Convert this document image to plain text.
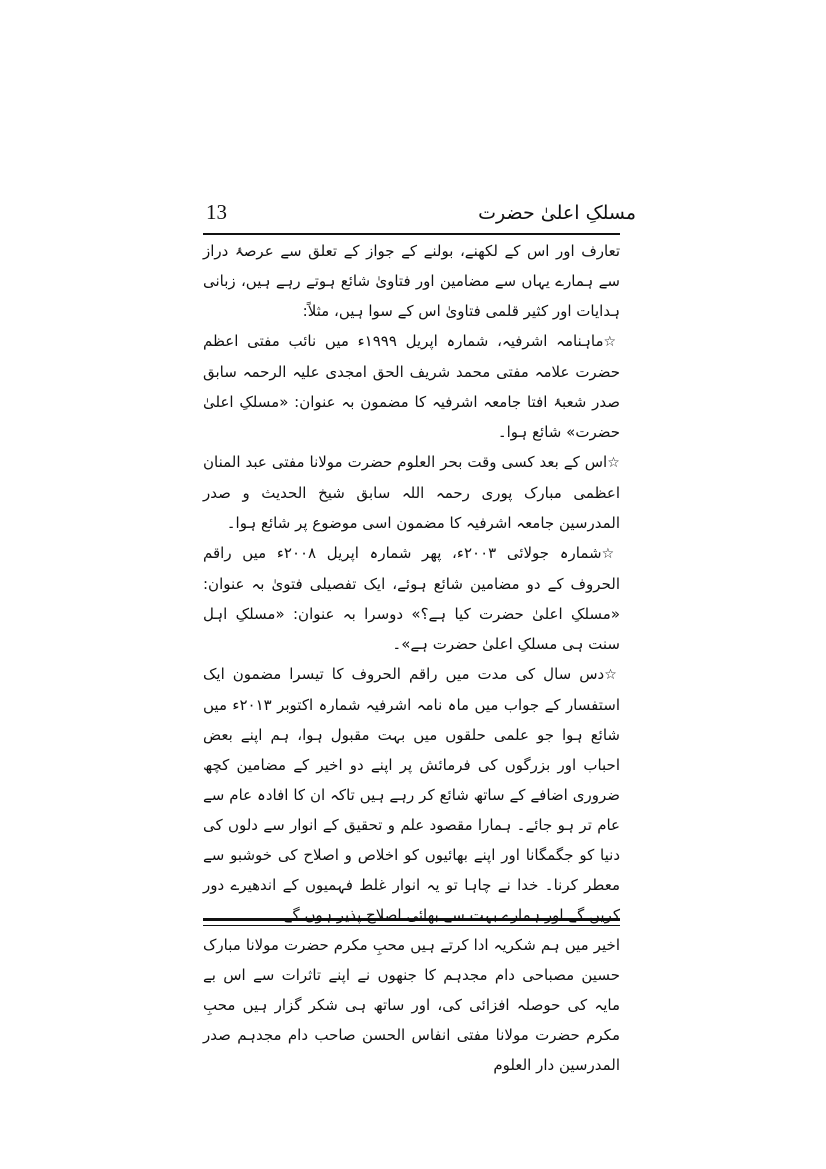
13	مسلکِ اعلیٰ حضرت

تعارف اور اس کے لکھنے، بولنے کے جواز کے تعلق سے عرصۂ دراز سے ہمارے یہاں سے مضامین اور فتاویٰ شائع ہوتے رہے ہیں، زبانی ہدایات اور کثیر قلمی فتاویٰ اس کے سوا ہیں، مثلاً:

☆ماہنامہ اشرفیہ، شمارہ اپریل ۱۹۹۹ء میں نائب مفتی اعظم حضرت علامہ مفتی محمد شریف الحق امجدی علیہ الرحمہ سابق صدر شعبۂ افتا جامعہ اشرفیہ کا مضمون بہ عنوان: «مسلکِ اعلیٰ حضرت» شائع ہوا۔

☆اس کے بعد کسی وقت بحر العلوم حضرت مولانا مفتی عبد المنان اعظمی مبارک پوری رحمہ اللہ سابق شیخ الحدیث و صدر المدرسین جامعہ اشرفیہ کا مضمون اسی موضوع پر شائع ہوا۔

☆شمارہ جولائی ۲۰۰۳ء، پھر شمارہ اپریل ۲۰۰۸ء میں راقم الحروف کے دو مضامین شائع ہوئے، ایک تفصیلی فتویٰ بہ عنوان: «مسلکِ اعلیٰ حضرت کیا ہے؟» دوسرا بہ عنوان: «مسلکِ اہل سنت ہی مسلکِ اعلیٰ حضرت ہے»۔

☆دس سال کی مدت میں راقم الحروف کا تیسرا مضمون ایک استفسار کے جواب میں ماہ نامہ اشرفیہ شمارہ اکتوبر ۲۰۱۳ء میں شائع ہوا جو علمی حلقوں میں بہت مقبول ہوا، ہم اپنے بعض احباب اور بزرگوں کی فرمائش پر اپنے دو اخیر کے مضامین کچھ ضروری اضافے کے ساتھ شائع کر رہے ہیں تاکہ ان کا افادہ عام سے عام تر ہو جائے۔ ہمارا مقصود علم و تحقیق کے انوار سے دلوں کی دنیا کو جگمگانا اور اپنے بھائیوں کو اخلاص و اصلاح کی خوشبو سے معطر کرنا۔ خدا نے چاہا تو یہ انوار غلط فہمیوں کے اندھیرے دور کریں گے اور ہمارے بہت سے بھائی اصلاح پذیر ہوں گے۔

اخیر میں ہم شکریہ ادا کرتے ہیں محبِ مکرم حضرت مولانا مبارک حسین مصباحی دام مجدہم کا جنھوں نے اپنے تاثرات سے اس بے مایہ کی حوصلہ افزائی کی، اور ساتھ ہی شکر گزار ہیں محبِ مکرم حضرت مولانا مفتی انفاس الحسن صاحب دام مجدہم صدر المدرسین دار العلوم
